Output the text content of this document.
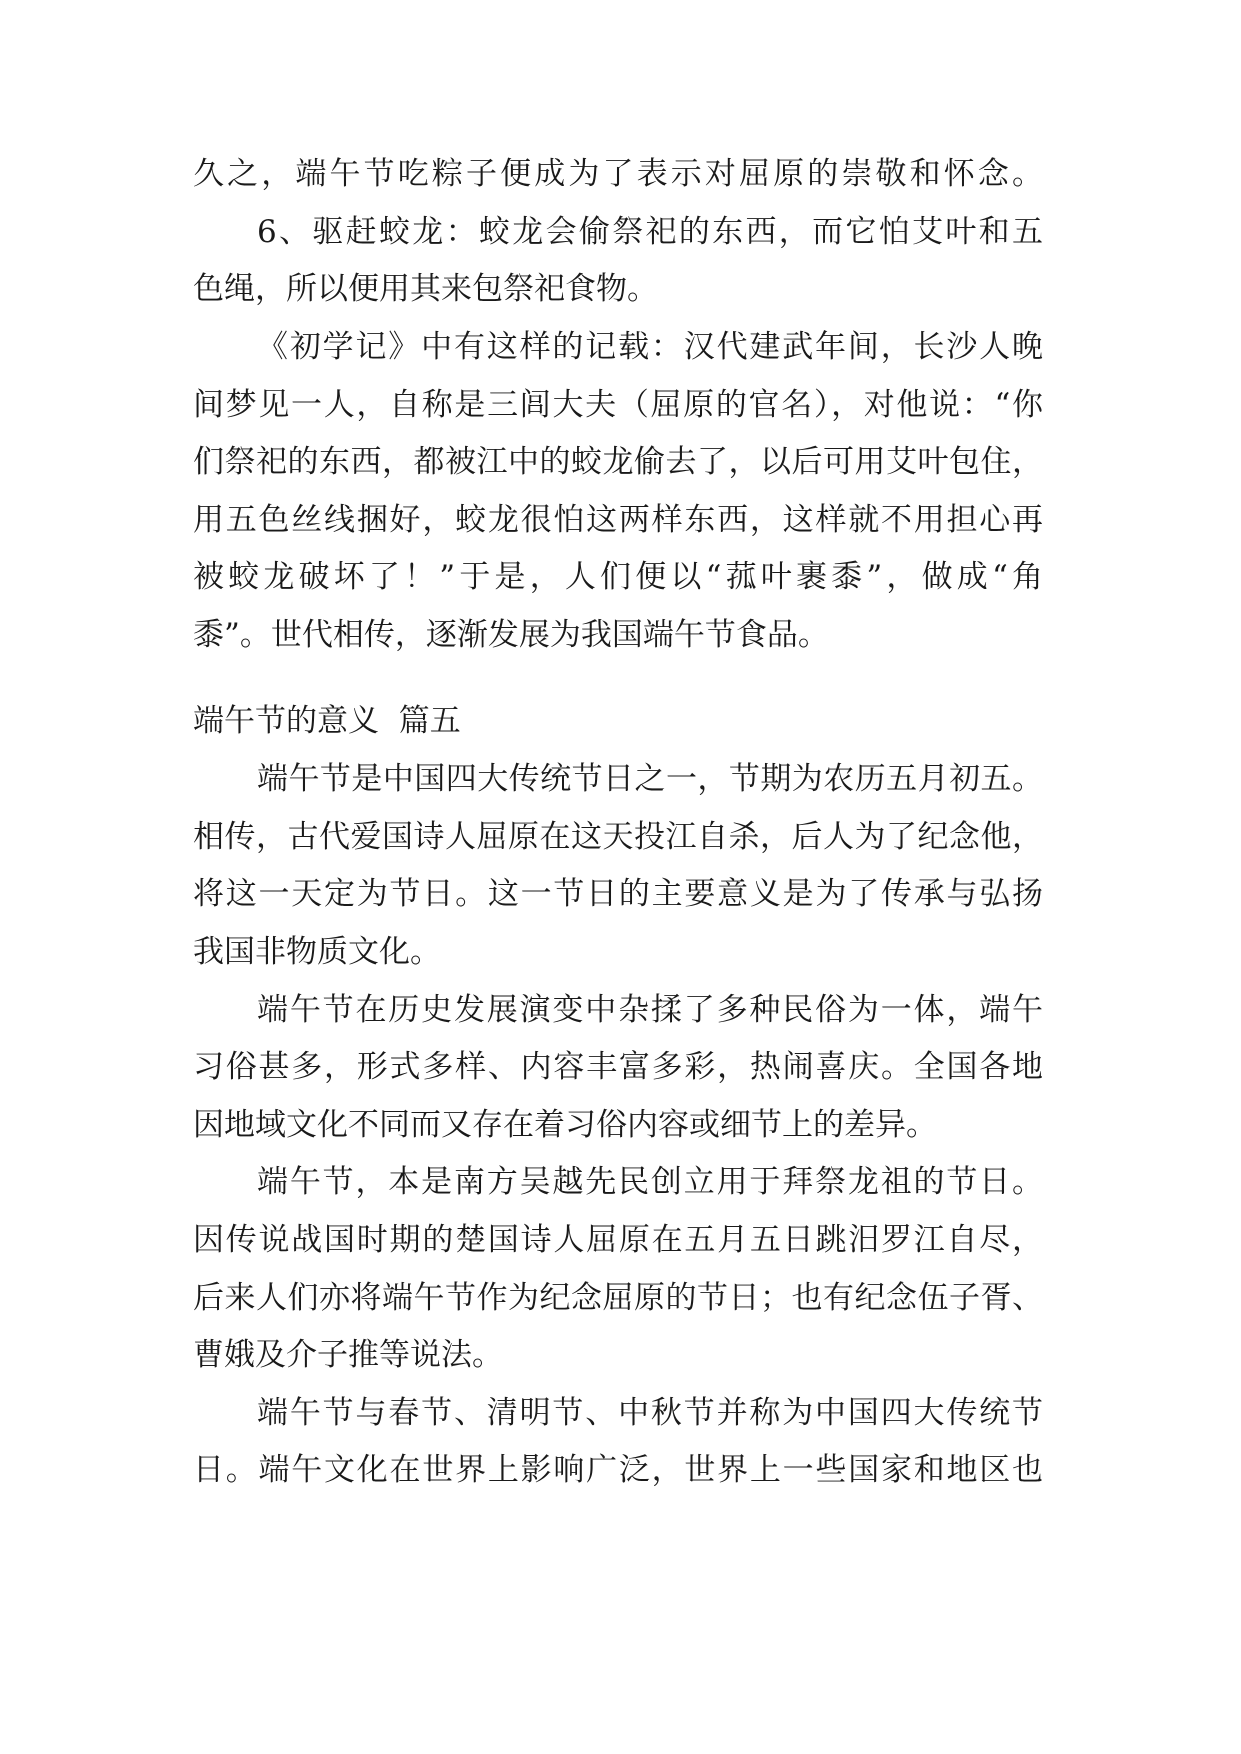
久之，端午节吃粽子便成为了表示对屈原的崇敬和怀念。
6、驱赶蛟龙：蛟龙会偷祭祀的东西，而它怕艾叶和五
色绳，所以便用其来包祭祀食物。
《初学记》中有这样的记载：汉代建武年间，长沙人晚
间梦见一人，自称是三闾大夫（屈原的官名），对他说：“你
们祭祀的东西，都被江中的蛟龙偷去了，以后可用艾叶包住，
用五色丝线捆好，蛟龙很怕这两样东西，这样就不用担心再
被蛟龙破坏了！”于是，人们便以“菰叶裹黍”，做成“角
黍”。世代相传，逐渐发展为我国端午节食品。
端午节的意义  篇五
端午节是中国四大传统节日之一，节期为农历五月初五。
相传，古代爱国诗人屈原在这天投江自杀，后人为了纪念他，
将这一天定为节日。这一节日的主要意义是为了传承与弘扬
我国非物质文化。
端午节在历史发展演变中杂揉了多种民俗为一体，端午
习俗甚多，形式多样、内容丰富多彩，热闹喜庆。全国各地
因地域文化不同而又存在着习俗内容或细节上的差异。
端午节，本是南方吴越先民创立用于拜祭龙祖的节日。
因传说战国时期的楚国诗人屈原在五月五日跳汨罗江自尽，
后来人们亦将端午节作为纪念屈原的节日；也有纪念伍子胥、
曹娥及介子推等说法。
端午节与春节、清明节、中秋节并称为中国四大传统节
日。端午文化在世界上影响广泛，世界上一些国家和地区也
